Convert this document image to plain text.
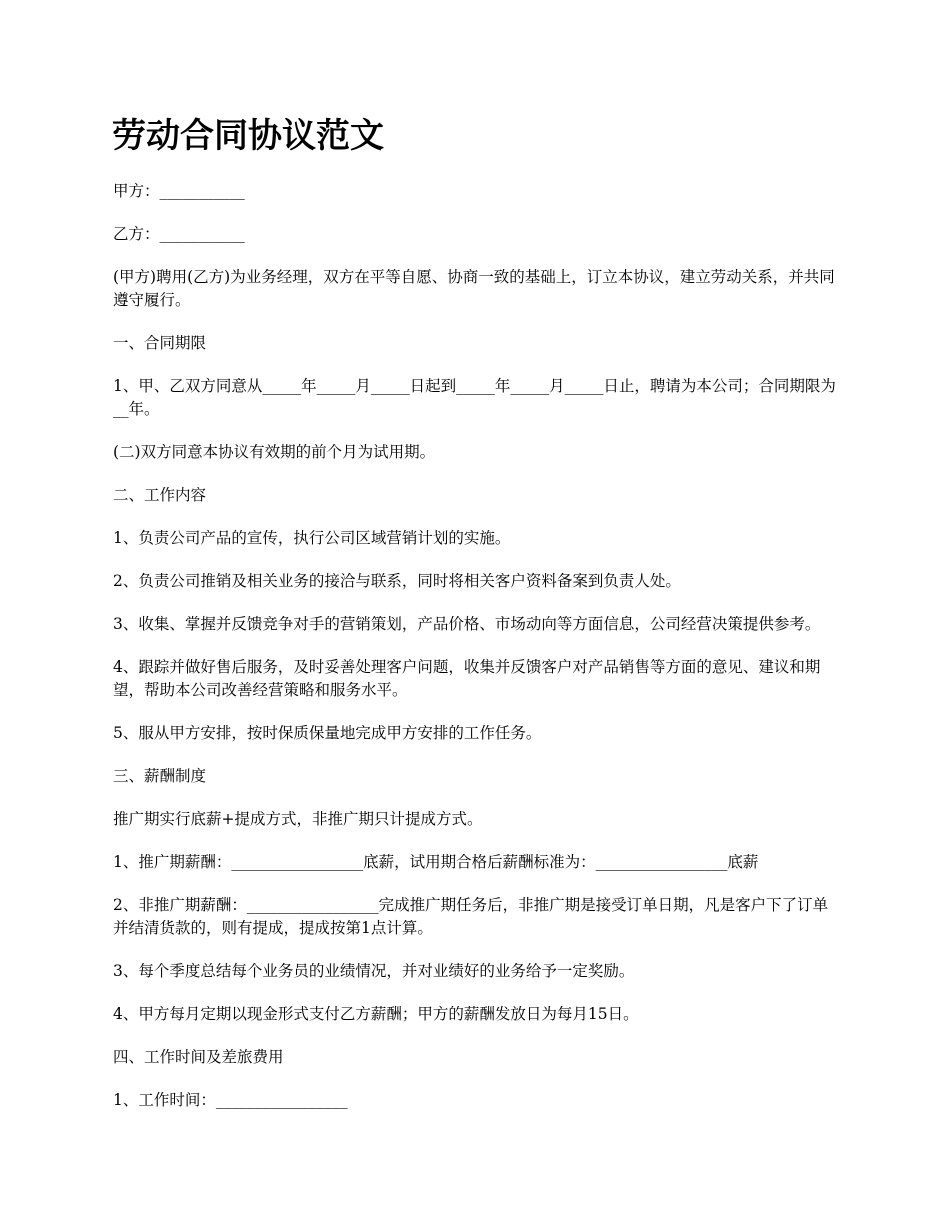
劳动合同协议范文

甲方：___________

乙方：___________

(甲方)聘用(乙方)为业务经理，双方在平等自愿、协商一致的基础上，订立本协议，建立劳动关系，并共同遵守履行。

一、合同期限

1、甲、乙双方同意从_____年_____月_____日起到_____年_____月_____日止，聘请为本公司；合同期限为__年。

(二)双方同意本协议有效期的前个月为试用期。

二、工作内容

1、负责公司产品的宣传，执行公司区域营销计划的实施。

2、负责公司推销及相关业务的接洽与联系，同时将相关客户资料备案到负责人处。

3、收集、掌握并反馈竞争对手的营销策划，产品价格、市场动向等方面信息，公司经营决策提供参考。

4、跟踪并做好售后服务，及时妥善处理客户问题，收集并反馈客户对产品销售等方面的意见、建议和期望，帮助本公司改善经营策略和服务水平。

5、服从甲方安排，按时保质保量地完成甲方安排的工作任务。

三、薪酬制度

推广期实行底薪+提成方式，非推广期只计提成方式。

1、推广期薪酬：_________________底薪，试用期合格后薪酬标准为：_________________底薪

2、非推广期薪酬：_________________完成推广期任务后，非推广期是接受订单日期，凡是客户下了订单并结清货款的，则有提成，提成按第1点计算。

3、每个季度总结每个业务员的业绩情况，并对业绩好的业务给予一定奖励。

4、甲方每月定期以现金形式支付乙方薪酬；甲方的薪酬发放日为每月15日。

四、工作时间及差旅费用

1、工作时间：_________________
